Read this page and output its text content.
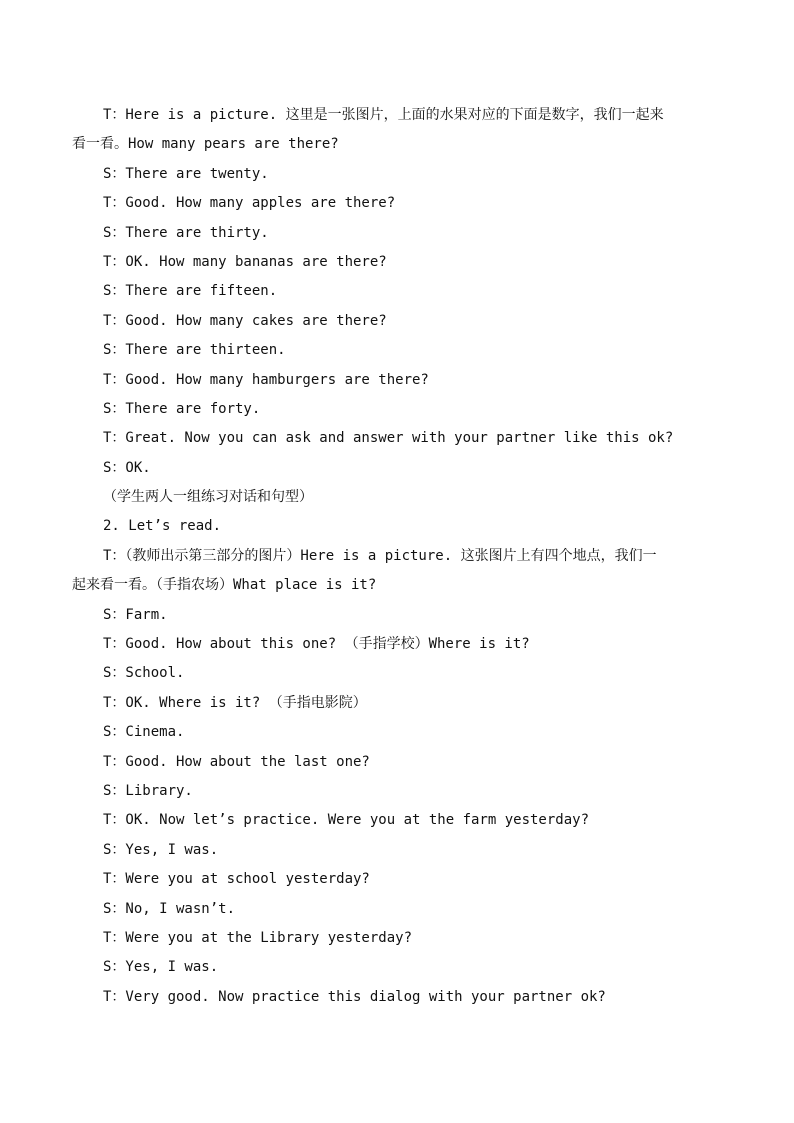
T：Here is a picture. 这里是一张图片，上面的水果对应的下面是数字，我们一起来
看一看。How many pears are there?
S：There are twenty.
T：Good. How many apples are there?
S：There are thirty.
T：OK. How many bananas are there?
S：There are fifteen.
T：Good. How many cakes are there?
S：There are thirteen.
T：Good. How many hamburgers are there?
S：There are forty.
T：Great. Now you can ask and answer with your partner like this ok?
S：OK.
（学生两人一组练习对话和句型）
2. Let’s read.
T：（教师出示第三部分的图片）Here is a picture. 这张图片上有四个地点，我们一
起来看一看。（手指农场）What place is it?
S：Farm.
T：Good. How about this one? （手指学校）Where is it?
S：School.
T：OK. Where is it? （手指电影院）
S：Cinema.
T：Good. How about the last one?
S：Library.
T：OK. Now let’s practice. Were you at the farm yesterday?
S：Yes, I was.
T：Were you at school yesterday?
S：No, I wasn’t.
T：Were you at the Library yesterday?
S：Yes, I was.
T：Very good. Now practice this dialog with your partner ok?
